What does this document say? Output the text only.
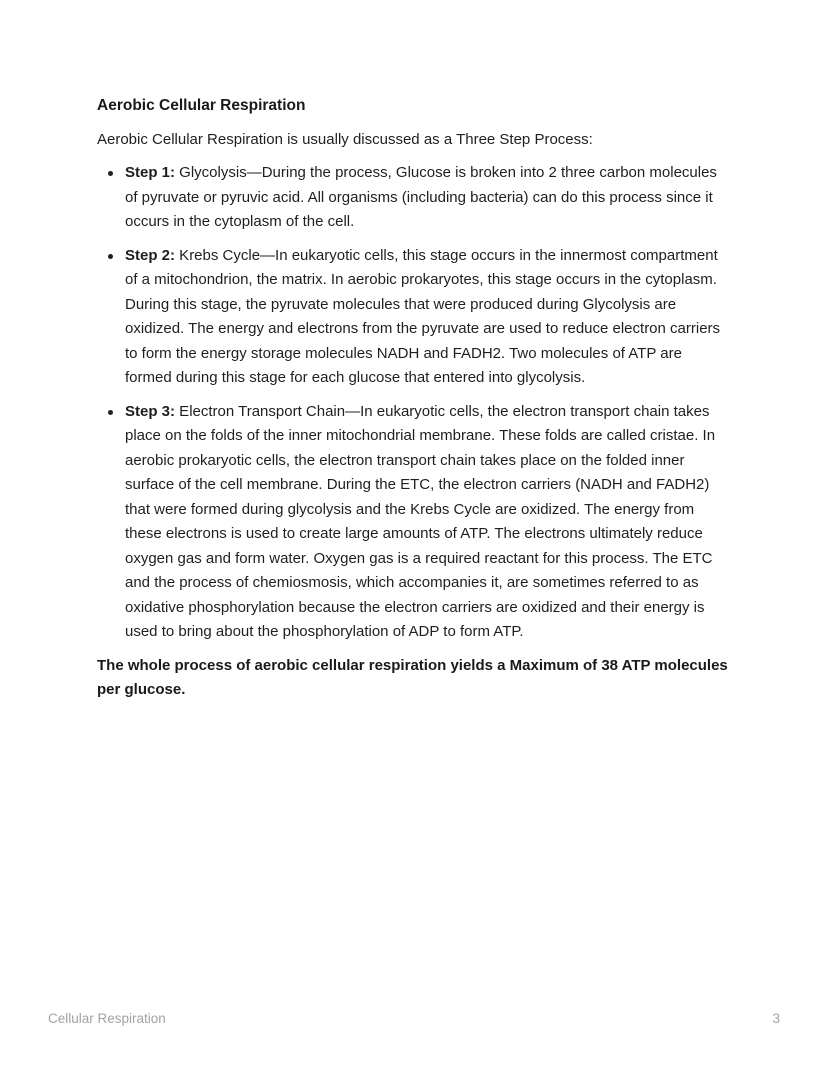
Aerobic Cellular Respiration

Aerobic Cellular Respiration is usually discussed as a Three Step Process:

Step 1: Glycolysis—During the process, Glucose is broken into 2 three carbon molecules of pyruvate or pyruvic acid. All organisms (including bacteria) can do this process since it occurs in the cytoplasm of the cell.
Step 2: Krebs Cycle—In eukaryotic cells, this stage occurs in the innermost compartment of a mitochondrion, the matrix. In aerobic prokaryotes, this stage occurs in the cytoplasm. During this stage, the pyruvate molecules that were produced during Glycolysis are oxidized. The energy and electrons from the pyruvate are used to reduce electron carriers to form the energy storage molecules NADH and FADH2. Two molecules of ATP are formed during this stage for each glucose that entered into glycolysis.
Step 3: Electron Transport Chain—In eukaryotic cells, the electron transport chain takes place on the folds of the inner mitochondrial membrane. These folds are called cristae. In aerobic prokaryotic cells, the electron transport chain takes place on the folded inner surface of the cell membrane. During the ETC, the electron carriers (NADH and FADH2) that were formed during glycolysis and the Krebs Cycle are oxidized. The energy from these electrons is used to create large amounts of ATP. The electrons ultimately reduce oxygen gas and form water. Oxygen gas is a required reactant for this process. The ETC and the process of chemiosmosis, which accompanies it, are sometimes referred to as oxidative phosphorylation because the electron carriers are oxidized and their energy is used to bring about the phosphorylation of ADP to form ATP.

The whole process of aerobic cellular respiration yields a Maximum of 38 ATP molecules per glucose.

Cellular Respiration	3
